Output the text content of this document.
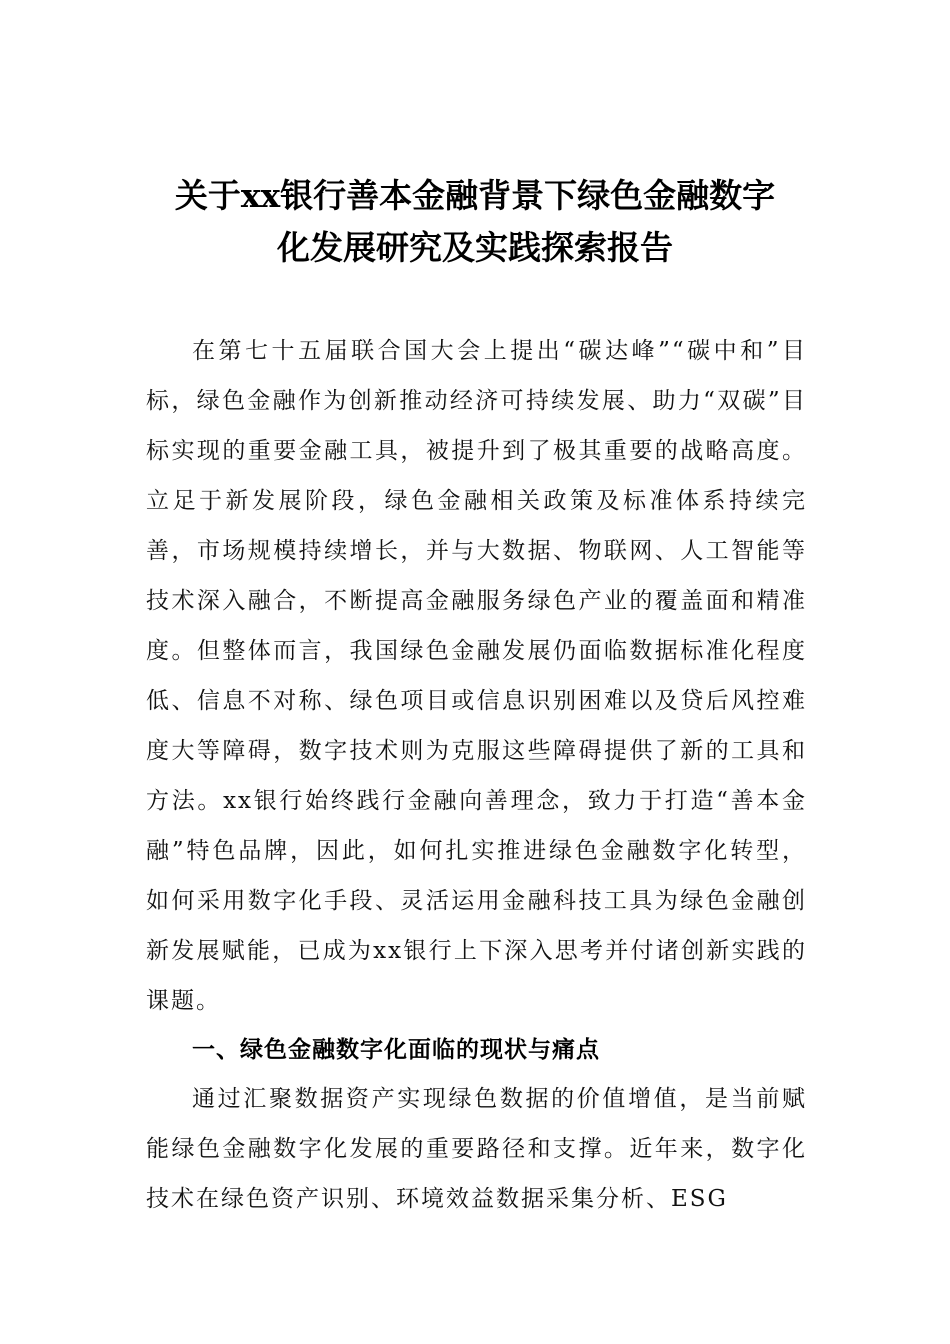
关于xx银行善本金融背景下绿色金融数字
化发展研究及实践探索报告

在第七十五届联合国大会上提出“碳达峰”“碳中和”目标，绿色金融作为创新推动经济可持续发展、助力“双碳”目标实现的重要金融工具，被提升到了极其重要的战略高度。立足于新发展阶段，绿色金融相关政策及标准体系持续完善，市场规模持续增长，并与大数据、物联网、人工智能等技术深入融合，不断提高金融服务绿色产业的覆盖面和精准度。但整体而言，我国绿色金融发展仍面临数据标准化程度低、信息不对称、绿色项目或信息识别困难以及贷后风控难度大等障碍，数字技术则为克服这些障碍提供了新的工具和方法。xx银行始终践行金融向善理念，致力于打造“善本金融”特色品牌，因此，如何扎实推进绿色金融数字化转型，如何采用数字化手段、灵活运用金融科技工具为绿色金融创新发展赋能，已成为xx银行上下深入思考并付诸创新实践的课题。

一、绿色金融数字化面临的现状与痛点

通过汇聚数据资产实现绿色数据的价值增值，是当前赋能绿色金融数字化发展的重要路径和支撑。近年来，数字化技术在绿色资产识别、环境效益数据采集分析、ESG
